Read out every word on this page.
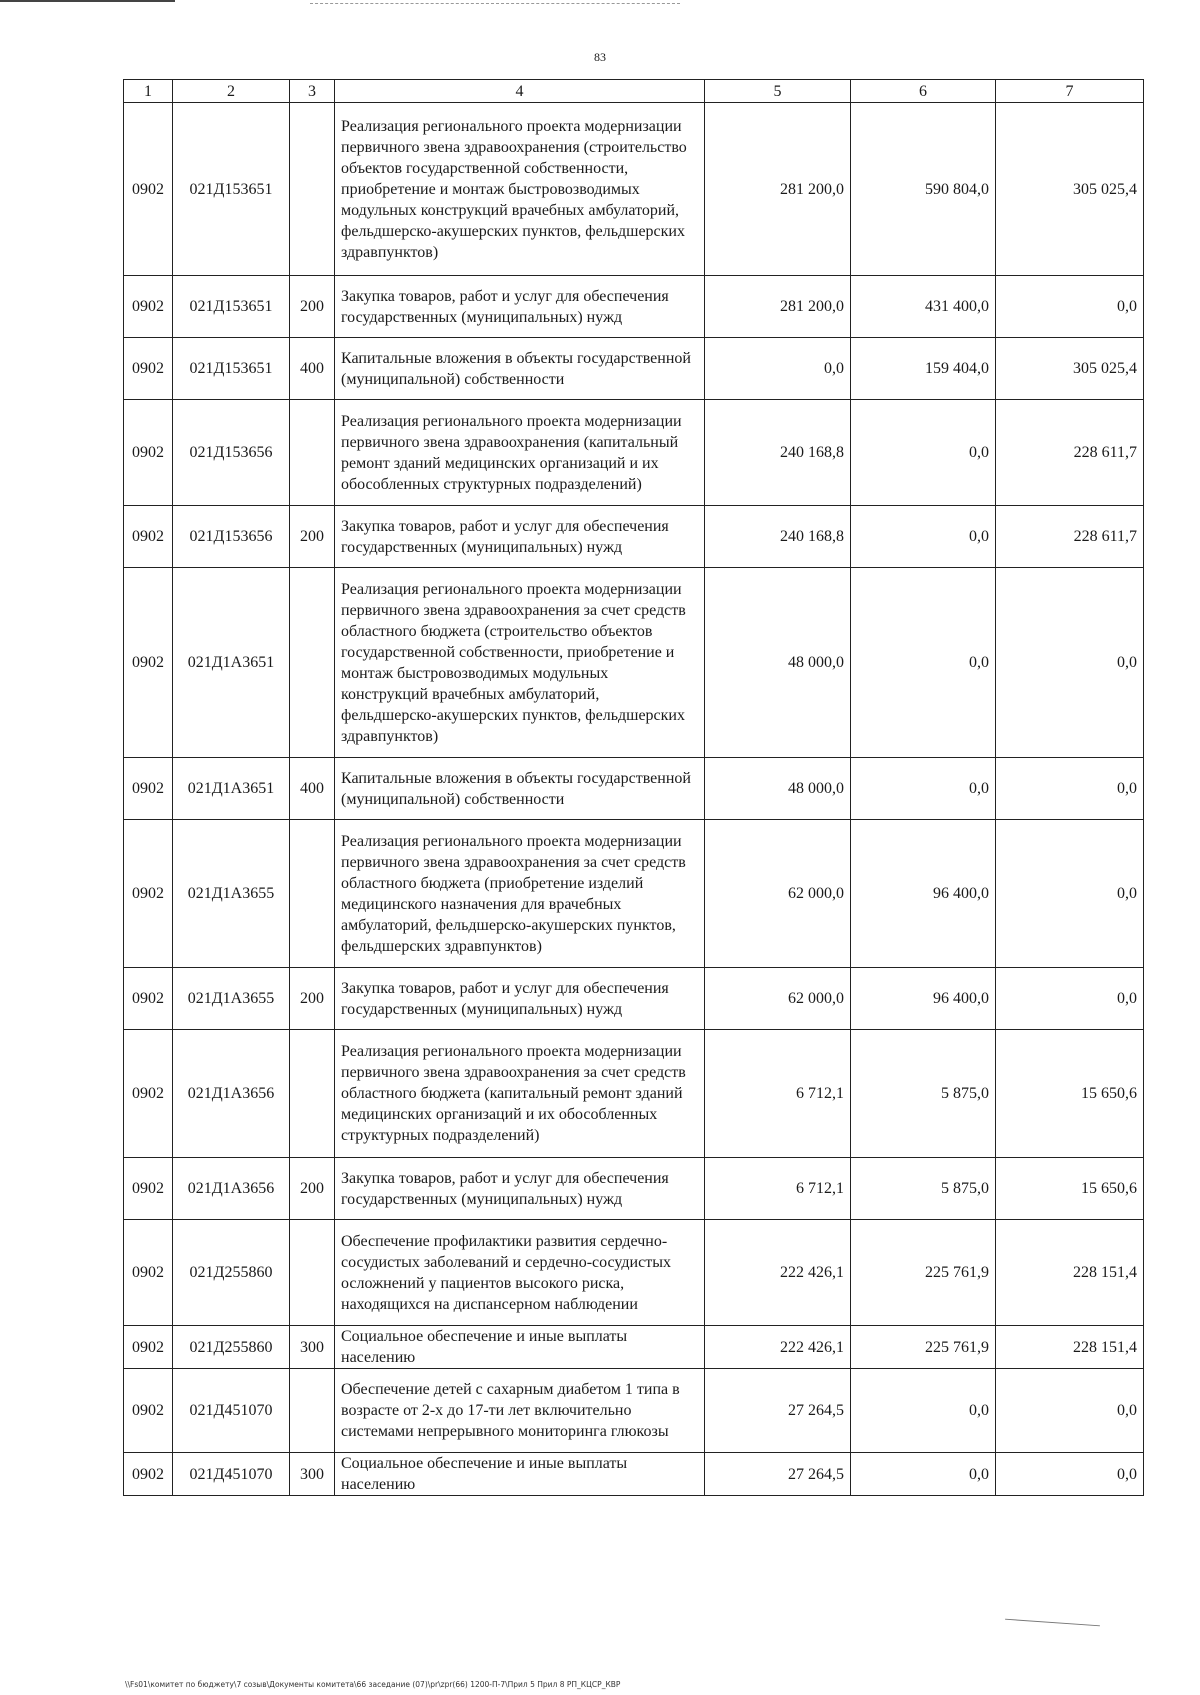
83
1	2	3	4	5	6	7
0902	021Д153651		Реализация регионального проекта модернизации первичного звена здравоохранения (строительство объектов государственной собственности, приобретение и монтаж быстровозводимых модульных конструкций врачебных амбулаторий, фельдшерско-акушерских пунктов, фельдшерских здравпунктов)	281 200,0	590 804,0	305 025,4
0902	021Д153651	200	Закупка товаров, работ и услуг для обеспечения государственных (муниципальных) нужд	281 200,0	431 400,0	0,0
0902	021Д153651	400	Капитальные вложения в объекты государственной (муниципальной) собственности	0,0	159 404,0	305 025,4
0902	021Д153656		Реализация регионального проекта модернизации первичного звена здравоохранения (капитальный ремонт зданий медицинских организаций и их обособленных структурных подразделений)	240 168,8	0,0	228 611,7
0902	021Д153656	200	Закупка товаров, работ и услуг для обеспечения государственных (муниципальных) нужд	240 168,8	0,0	228 611,7
0902	021Д1А3651		Реализация регионального проекта модернизации первичного звена здравоохранения за счет средств областного бюджета (строительство объектов государственной собственности, приобретение и монтаж быстровозводимых модульных конструкций врачебных амбулаторий, фельдшерско-акушерских пунктов, фельдшерских здравпунктов)	48 000,0	0,0	0,0
0902	021Д1А3651	400	Капитальные вложения в объекты государственной (муниципальной) собственности	48 000,0	0,0	0,0
0902	021Д1А3655		Реализация регионального проекта модернизации первичного звена здравоохранения за счет средств областного бюджета (приобретение изделий медицинского назначения для врачебных амбулаторий, фельдшерско-акушерских пунктов, фельдшерских здравпунктов)	62 000,0	96 400,0	0,0
0902	021Д1А3655	200	Закупка товаров, работ и услуг для обеспечения государственных (муниципальных) нужд	62 000,0	96 400,0	0,0
0902	021Д1А3656		Реализация регионального проекта модернизации первичного звена здравоохранения за счет средств областного бюджета (капитальный ремонт зданий медицинских организаций и их обособленных структурных подразделений)	6 712,1	5 875,0	15 650,6
0902	021Д1А3656	200	Закупка товаров, работ и услуг для обеспечения государственных (муниципальных) нужд	6 712,1	5 875,0	15 650,6
0902	021Д255860		Обеспечение профилактики развития сердечно-сосудистых заболеваний и сердечно-сосудистых осложнений у пациентов высокого риска, находящихся на диспансерном наблюдении	222 426,1	225 761,9	228 151,4
0902	021Д255860	300	Социальное обеспечение и иные выплаты населению	222 426,1	225 761,9	228 151,4
0902	021Д451070		Обеспечение детей с сахарным диабетом 1 типа в возрасте от 2-х до 17-ти лет включительно системами непрерывного мониторинга глюкозы	27 264,5	0,0	0,0
0902	021Д451070	300	Социальное обеспечение и иные выплаты населению	27 264,5	0,0	0,0
\\Fs01\комитет по бюджету\7 созыв\Документы комитета\66 заседание (07)\pr\zpr(66) 1200-П-7\Прил 5 Прил 8 РП_КЦСР_КВР
